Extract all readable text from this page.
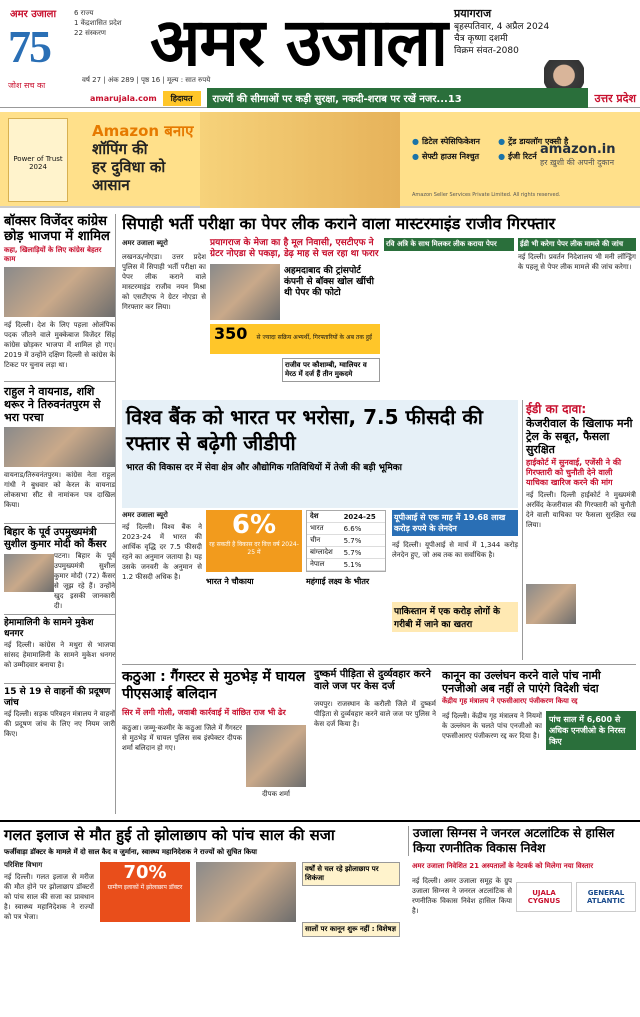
अमर उजाला
75
जोश सच का
6 राज्य
1 केंद्रशासित प्रदेश
22 संस्करण अमर उजाला प्रयागराज
बृहस्पतिवार, 4 अप्रैल 2024
चैत्र कृष्णा दशमी
विक्रम संवत-2080
वर्ष 27 | अंक 289 | पृष्ठ 16 | मूल्य : सात रुपये
amarujala.com	हिदायत	राज्यों की सीमाओं पर कड़ी सुरक्षा, नकदी-शराब पर रखें नजर...13	उत्तर प्रदेश
Power of Trust 2024
Amazon बनाए
शॉपिंग की
हर दुविधा को
आसान
● डिटेल स्पेसिफिकेशन	● ट्रेंड डायलॉग एक्सी है
● सेफ्टी हाउस निश्चुत	● ईजी रिटर्न amazon.in
हर ख़ुशी की अपनी दुकान
Amazon Seller Services Private Limited. All rights reserved.
बॉक्सर विजेंदर कांग्रेस छोड़ भाजपा में शामिल
कहा, खिलाड़ियों के लिए कांग्रेस बेहतर काम
नई दिल्ली। देश के लिए पहला ओलंपिक पदक जीतने वाले मुक्केबाज विजेंदर सिंह कांग्रेस छोड़कर भाजपा में शामिल हो गए। 2019 में उन्होंने दक्षिण दिल्ली से कांग्रेस के टिकट पर चुनाव लड़ा था।
राहुल ने वायनाड, शशि थरूर ने तिरुवनंतपुरम से भरा परचा
वायनाड/तिरुवनंतपुरम। कांग्रेस नेता राहुल गांधी ने बुधवार को केरल के वायनाड लोकसभा सीट से नामांकन पत्र दाखिल किया।
बिहार के पूर्व उपमुख्यमंत्री सुशील कुमार मोदी को कैंसर
पटना। बिहार के पूर्व उपमुख्यमंत्री सुशील कुमार मोदी (72) कैंसर से जूझ रहे हैं। उन्होंने खुद इसकी जानकारी दी।
हेमामालिनी के सामने मुकेश धनगर
नई दिल्ली। कांग्रेस ने मथुरा से भाजपा सांसद हेमामालिनी के सामने मुकेश धनगर को उम्मीदवार बनाया है।
15 से 19 से वाहनों की प्रदूषण जांच
नई दिल्ली। सड़क परिवहन मंत्रालय ने वाहनों की प्रदूषण जांच के लिए नए नियम जारी किए।
सिपाही भर्ती परीक्षा का पेपर लीक कराने वाला मास्टरमाइंड राजीव गिरफ्तार
अमर उजाला ब्यूरो
लखनऊ/नोएडा। उत्तर प्रदेश पुलिस में सिपाही भर्ती परीक्षा का पेपर लीक कराने वाले मास्टरमाइंड राजीव नयन मिश्रा को एसटीएफ ने ग्रेटर नोएडा से गिरफ्तार कर लिया।
प्रयागराज के मेजा का है मूल निवासी, एसटीएफ ने ग्रेटर नोएडा से पकड़ा, डेढ़ माह से चल रहा था फरार
अहमदाबाद की ट्रांसपोर्ट कंपनी से बॉक्स खोल खींची थी पेपर की फोटो
350 से ज्यादा सक्रिय अभ्यर्थी, गिरफ्तारियों के अब तक हुईं
रवि अत्रि के साथ मिलकर लीक कराया पेपर	ईडी भी करेगा पेपर लीक मामले की जांच
नई दिल्ली। प्रवर्तन निदेशालय भी मनी लॉन्ड्रिंग के पहलू से पेपर लीक मामले की जांच करेगा।
राजीव पर कौशाम्बी, ग्वालियर व मेरठ में दर्ज हैं तीन मुकदमे
विश्व बैंक को भारत पर भरोसा, 7.5 फीसदी की रफ्तार से बढ़ेगी जीडीपी
भारत की विकास दर में सेवा क्षेत्र और औद्योगिक गतिविधियों में तेजी की बड़ी भूमिका
अमर उजाला ब्यूरो
नई दिल्ली। विश्व बैंक ने 2023-24 में भारत की आर्थिक वृद्धि दर 7.5 फीसदी रहने का अनुमान जताया है। यह उसके जनवरी के अनुमान से 1.2 फीसदी अधिक है।
6%
रह सकती है विकास दर वित्त वर्ष 2024-25 में
देश	2024-25
भारत	6.6%
चीन	5.7%
बांग्लादेश	5.7%
नेपाल	5.1%
भारत ने चौकाया	महंगाई लक्ष्य के भीतर
यूपीआई से एक माह में 19.68 लाख करोड़ रुपये के लेनदेन
नई दिल्ली। यूपीआई से मार्च में 1,344 करोड़ लेनदेन हुए, जो अब तक का सर्वाधिक है।
पाकिस्तान में एक करोड़ लोगों के गरीबी में जाने का खतरा
ईडी का दावा:
केजरीवाल के खिलाफ मनी ट्रेल के सबूत, फैसला सुरक्षित
हाईकोर्ट में सुनवाई, एजेंसी ने की गिरफ्तारी को चुनौती देने वाली याचिका खारिज करने की मांग
नई दिल्ली। दिल्ली हाईकोर्ट ने मुख्यमंत्री अरविंद केजरीवाल की गिरफ्तारी को चुनौती देने वाली याचिका पर फैसला सुरक्षित रख लिया।
कठुआ : गैंगस्टर से मुठभेड़ में घायल पीएसआई बलिदान
सिर में लगी गोली, जवाबी कार्रवाई में वांछित राज भी ढेर
कठुआ। जम्मू-कश्मीर के कठुआ जिले में गैंगस्टर से मुठभेड़ में घायल पुलिस सब इंस्पेक्टर दीपक शर्मा बलिदान हो गए।
दीपक शर्मा
दुष्कर्म पीड़िता से दुर्व्यवहार करने वाले जज पर केस दर्ज
जयपुर। राजस्थान के करौली जिले में दुष्कर्म पीड़िता से दुर्व्यवहार करने वाले जज पर पुलिस ने केस दर्ज किया है।
कानून का उल्लंघन करने वाले पांच नामी एनजीओ अब नहीं ले पाएंगे विदेशी चंदा
केंद्रीय गृह मंत्रालय ने एफसीआरए पंजीकरण किया रद्द
नई दिल्ली। केंद्रीय गृह मंत्रालय ने नियमों के उल्लंघन के चलते पांच एनजीओ का एफसीआरए पंजीकरण रद्द कर दिया है।
पांच साल में 6,600 से अधिक एनजीओ के निरस्त किए
गलत इलाज से मौत हुई तो झोलाछाप को पांच साल की सजा
फर्जीवाड़ा डॉक्टर के मामले में दो साल कैद व जुर्माना, स्वास्थ्य महानिदेशक ने राज्यों को सुचित किया
परिशिष्ट विभाग
नई दिल्ली। गलत इलाज से मरीज की मौत होने पर झोलाछाप डॉक्टरों को पांच साल की सजा का प्रावधान है। स्वास्थ्य महानिदेशक ने राज्यों को पत्र भेजा।
70%
ग्रामीण इलाकों में झोलाछाप डॉक्टर
वर्षों से चल रहे झोलाछाप पर शिकंजा
सालों पर कानून शुरू नहीं : विशेषज्ञ
उजाला सिग्नस ने जनरल अटलांटिक से हासिल किया रणनीतिक विकास निवेश
अमर उजाला निवेशित 21 अस्पतालों के नेटवर्क को मिलेगा नया विस्तार
नई दिल्ली। अमर उजाला समूह के ग्रुप उजाला सिग्नस ने जनरल अटलांटिक से रणनीतिक विकास निवेश हासिल किया है।
UJALA CYGNUS
GENERAL ATLANTIC
